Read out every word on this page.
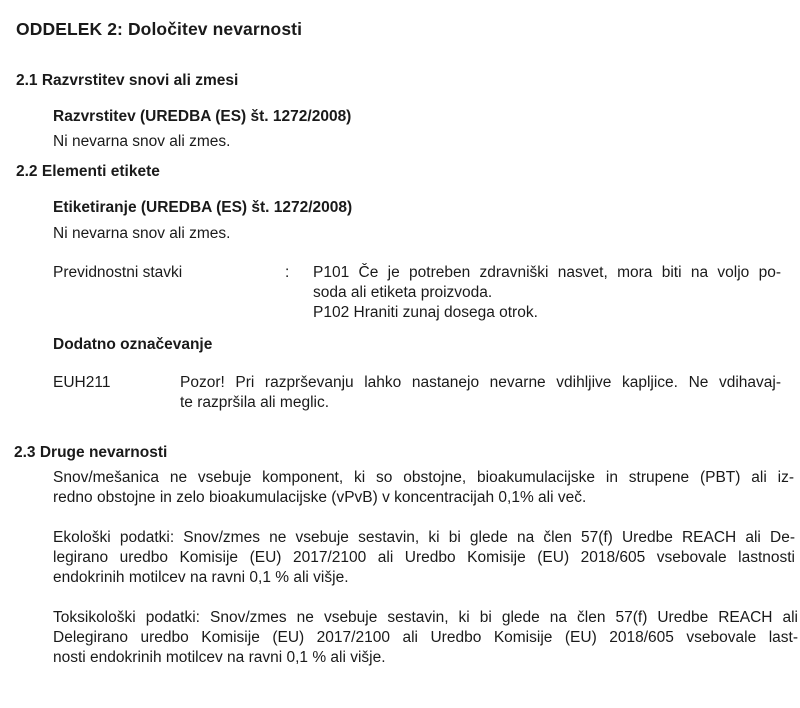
ODDELEK 2: Določitev nevarnosti
2.1 Razvrstitev snovi ali zmesi
Razvrstitev (UREDBA (ES) št. 1272/2008)
Ni nevarna snov ali zmes.
2.2 Elementi etikete
Etiketiranje (UREDBA (ES) št. 1272/2008)
Ni nevarna snov ali zmes.
Previdnostni stavki	: P101 Če je potreben zdravniški nasvet, mora biti na voljo po-
soda ali etiketa proizvoda.
P102 Hraniti zunaj dosega otrok.
Dodatno označevanje
EUH211	Pozor! Pri razprševanju lahko nastanejo nevarne vdihljive kapljice. Ne vdihavaj-
te razpršila ali meglic.
2.3 Druge nevarnosti
Snov/mešanica ne vsebuje komponent, ki so obstojne, bioakumulacijske in strupene (PBT) ali iz-
redno obstojne in zelo bioakumulacijske (vPvB) v koncentracijah 0,1% ali več.
Ekološki podatki: Snov/zmes ne vsebuje sestavin, ki bi glede na člen 57(f) Uredbe REACH ali De-
legirano uredbo Komisije (EU) 2017/2100 ali Uredbo Komisije (EU) 2018/605 vsebovale lastnosti
endokrinih motilcev na ravni 0,1 % ali višje.
Toksikološki podatki: Snov/zmes ne vsebuje sestavin, ki bi glede na člen 57(f) Uredbe REACH ali
Delegirano uredbo Komisije (EU) 2017/2100 ali Uredbo Komisije (EU) 2018/605 vsebovale last-
nosti endokrinih motilcev na ravni 0,1 % ali višje.
